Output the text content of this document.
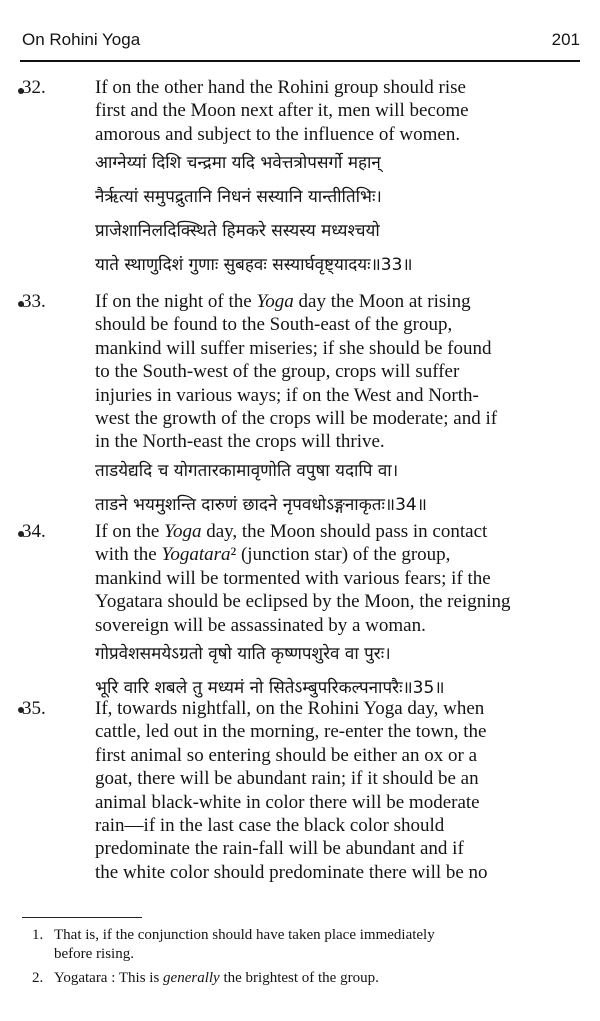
On Rohini Yoga	201
32.	If on the other hand the Rohini group should rise
first and the Moon next after it, men will become
amorous and subject to the influence of women.
आग्नेय्यां दिशि चन्द्रमा यदि भवेत्तत्रोपसर्गो महान्
नैर्ऋत्यां समुपद्रुतानि निधनं सस्यानि यान्तीतिभिः।
प्राजेशानिलदिक्स्थिते हिमकरे सस्यस्य मध्यश्चयो
याते स्थाणुदिशं गुणाः सुबहवः सस्यार्घवृष्ट्यादयः॥33॥
33.	If on the night of the Yoga day the Moon at rising
should be found to the South-east of the group,
mankind will suffer miseries; if she should be found
to the South-west of the group, crops will suffer
injuries in various ways; if on the West and North-
west the growth of the crops will be moderate; and if
in the North-east the crops will thrive.
ताडयेद्यदि च योगतारकामावृणोति वपुषा यदापि वा।
ताडने भयमुशन्ति दारुणं छादने नृपवधोऽङ्गनाकृतः॥34॥
34.	If on the Yoga day, the Moon should pass in contact
with the Yogatara² (junction star) of the group,
mankind will be tormented with various fears; if the
Yogatara should be eclipsed by the Moon, the reigning
sovereign will be assassinated by a woman.
गोप्रवेशसमयेऽग्रतो वृषो याति कृष्णपशुरेव वा पुरः।
भूरि वारि शबले तु मध्यमं नो सितेऽम्बुपरिकल्पनापरैः॥35॥
35.	If, towards nightfall, on the Rohini Yoga day, when
cattle, led out in the morning, re-enter the town, the
first animal so entering should be either an ox or a
goat, there will be abundant rain; if it should be an
animal black-white in color there will be moderate
rain—if in the last case the black color should
predominate the rain-fall will be abundant and if
the white color should predominate there will be no
1. That is, if the conjunction should have taken place immediately
before rising.
2. Yogatara : This is generally the brightest of the group.
